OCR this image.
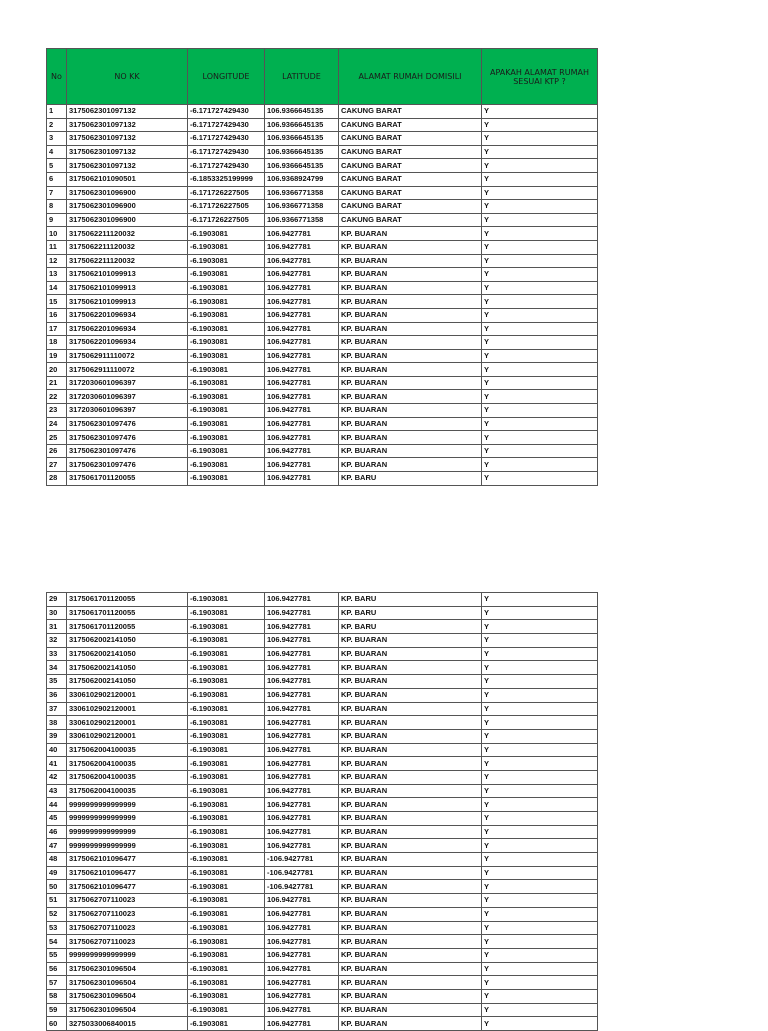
No	NO KK	LONGITUDE	LATITUDE	ALAMAT RUMAH DOMISILI	APAKAH ALAMAT RUMAH SESUAI KTP ?
1	3175062301097132	-6.171727429430	106.9366645135	CAKUNG BARAT	Y
2	3175062301097132	-6.171727429430	106.9366645135	CAKUNG BARAT	Y
3	3175062301097132	-6.171727429430	106.9366645135	CAKUNG BARAT	Y
4	3175062301097132	-6.171727429430	106.9366645135	CAKUNG BARAT	Y
5	3175062301097132	-6.171727429430	106.9366645135	CAKUNG BARAT	Y
6	3175062101090501	-6.1853325199999	106.9368924799	CAKUNG BARAT	Y
7	3175062301096900	-6.171726227505	106.9366771358	CAKUNG BARAT	Y
8	3175062301096900	-6.171726227505	106.9366771358	CAKUNG BARAT	Y
9	3175062301096900	-6.171726227505	106.9366771358	CAKUNG BARAT	Y
10	3175062211120032	-6.1903081	106.9427781	KP. BUARAN	Y
11	3175062211120032	-6.1903081	106.9427781	KP. BUARAN	Y
12	3175062211120032	-6.1903081	106.9427781	KP. BUARAN	Y
13	3175062101099913	-6.1903081	106.9427781	KP. BUARAN	Y
14	3175062101099913	-6.1903081	106.9427781	KP. BUARAN	Y
15	3175062101099913	-6.1903081	106.9427781	KP. BUARAN	Y
16	3175062201096934	-6.1903081	106.9427781	KP. BUARAN	Y
17	3175062201096934	-6.1903081	106.9427781	KP. BUARAN	Y
18	3175062201096934	-6.1903081	106.9427781	KP. BUARAN	Y
19	3175062911110072	-6.1903081	106.9427781	KP. BUARAN	Y
20	3175062911110072	-6.1903081	106.9427781	KP. BUARAN	Y
21	3172030601096397	-6.1903081	106.9427781	KP. BUARAN	Y
22	3172030601096397	-6.1903081	106.9427781	KP. BUARAN	Y
23	3172030601096397	-6.1903081	106.9427781	KP. BUARAN	Y
24	3175062301097476	-6.1903081	106.9427781	KP. BUARAN	Y
25	3175062301097476	-6.1903081	106.9427781	KP. BUARAN	Y
26	3175062301097476	-6.1903081	106.9427781	KP. BUARAN	Y
27	3175062301097476	-6.1903081	106.9427781	KP. BUARAN	Y
28	3175061701120055	-6.1903081	106.9427781	KP. BARU	Y
29	3175061701120055	-6.1903081	106.9427781	KP. BARU	Y
30	3175061701120055	-6.1903081	106.9427781	KP. BARU	Y
31	3175061701120055	-6.1903081	106.9427781	KP. BARU	Y
32	3175062002141050	-6.1903081	106.9427781	KP. BUARAN	Y
33	3175062002141050	-6.1903081	106.9427781	KP. BUARAN	Y
34	3175062002141050	-6.1903081	106.9427781	KP. BUARAN	Y
35	3175062002141050	-6.1903081	106.9427781	KP. BUARAN	Y
36	3306102902120001	-6.1903081	106.9427781	KP. BUARAN	Y
37	3306102902120001	-6.1903081	106.9427781	KP. BUARAN	Y
38	3306102902120001	-6.1903081	106.9427781	KP. BUARAN	Y
39	3306102902120001	-6.1903081	106.9427781	KP. BUARAN	Y
40	3175062004100035	-6.1903081	106.9427781	KP. BUARAN	Y
41	3175062004100035	-6.1903081	106.9427781	KP. BUARAN	Y
42	3175062004100035	-6.1903081	106.9427781	KP. BUARAN	Y
43	3175062004100035	-6.1903081	106.9427781	KP. BUARAN	Y
44	9999999999999999	-6.1903081	106.9427781	KP. BUARAN	Y
45	9999999999999999	-6.1903081	106.9427781	KP. BUARAN	Y
46	9999999999999999	-6.1903081	106.9427781	KP. BUARAN	Y
47	9999999999999999	-6.1903081	106.9427781	KP. BUARAN	Y
48	3175062101096477	-6.1903081	-106.9427781	KP. BUARAN	Y
49	3175062101096477	-6.1903081	-106.9427781	KP. BUARAN	Y
50	3175062101096477	-6.1903081	-106.9427781	KP. BUARAN	Y
51	3175062707110023	-6.1903081	106.9427781	KP. BUARAN	Y
52	3175062707110023	-6.1903081	106.9427781	KP. BUARAN	Y
53	3175062707110023	-6.1903081	106.9427781	KP. BUARAN	Y
54	3175062707110023	-6.1903081	106.9427781	KP. BUARAN	Y
55	9999999999999999	-6.1903081	106.9427781	KP. BUARAN	Y
56	3175062301096504	-6.1903081	106.9427781	KP. BUARAN	Y
57	3175062301096504	-6.1903081	106.9427781	KP. BUARAN	Y
58	3175062301096504	-6.1903081	106.9427781	KP. BUARAN	Y
59	3175062301096504	-6.1903081	106.9427781	KP. BUARAN	Y
60	3275033006840015	-6.1903081	106.9427781	KP. BUARAN	Y
